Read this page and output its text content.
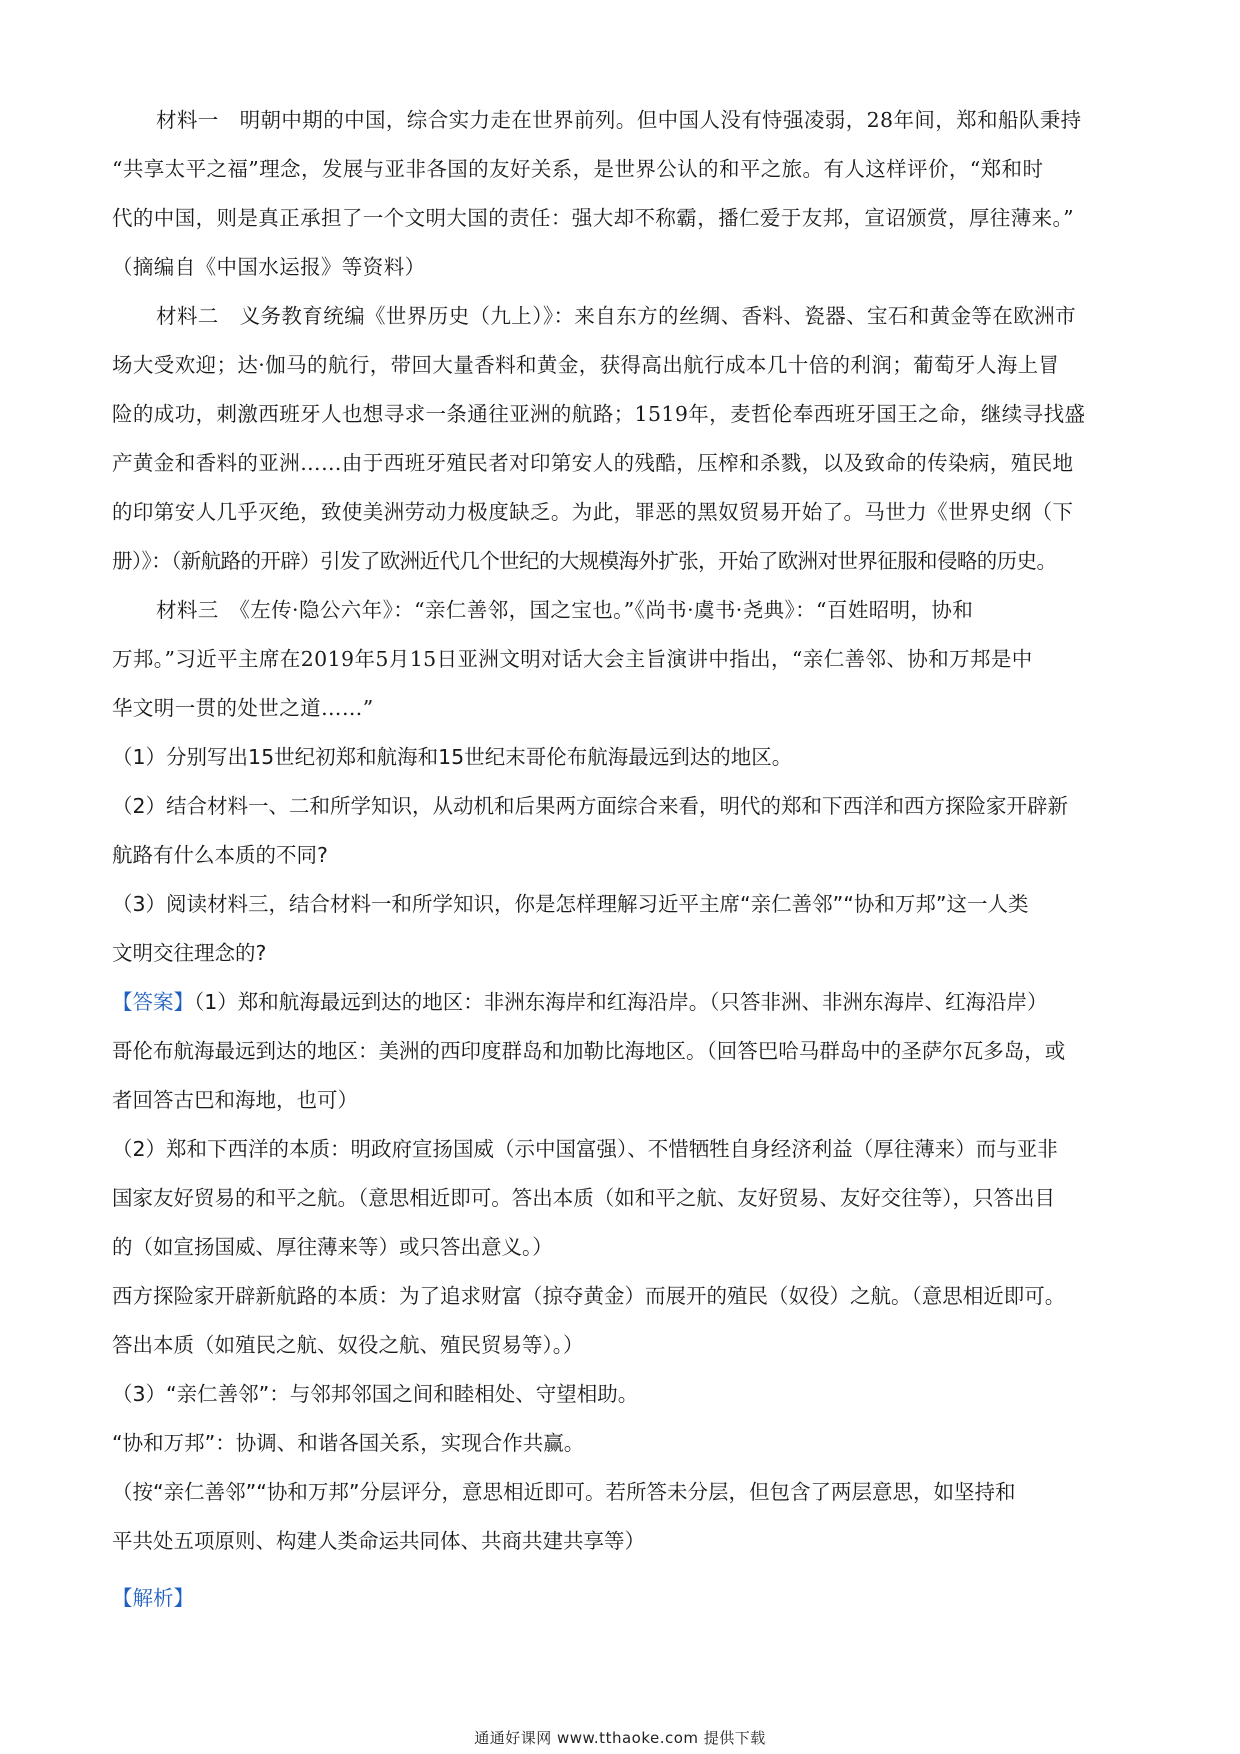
材料一　明朝中期的中国，综合实力走在世界前列。但中国人没有恃强凌弱，28年间，郑和船队秉持
“共享太平之福”理念，发展与亚非各国的友好关系，是世界公认的和平之旅。有人这样评价，“郑和时
代的中国，则是真正承担了一个文明大国的责任：强大却不称霸，播仁爱于友邦，宣诏颁赏，厚往薄来。”
（摘编自《中国水运报》等资料）
材料二　义务教育统编《世界历史（九上）》：来自东方的丝绸、香料、瓷器、宝石和黄金等在欧洲市
场大受欢迎；达·伽马的航行，带回大量香料和黄金，获得高出航行成本几十倍的利润；葡萄牙人海上冒
险的成功，刺激西班牙人也想寻求一条通往亚洲的航路；1519年，麦哲伦奉西班牙国王之命，继续寻找盛
产黄金和香料的亚洲……由于西班牙殖民者对印第安人的残酷，压榨和杀戮，以及致命的传染病，殖民地
的印第安人几乎灭绝，致使美洲劳动力极度缺乏。为此，罪恶的黑奴贸易开始了。马世力《世界史纲（下
册）》：（新航路的开辟）引发了欧洲近代几个世纪的大规模海外扩张，开始了欧洲对世界征服和侵略的历史。
材料三　《左传·隐公六年》：“亲仁善邻，国之宝也。”《尚书·虞书·尧典》：“百姓昭明，协和
万邦。”习近平主席在2019年5月15日亚洲文明对话大会主旨演讲中指出，“亲仁善邻、协和万邦是中
华文明一贯的处世之道……”
（1）分别写出15世纪初郑和航海和15世纪末哥伦布航海最远到达的地区。
（2）结合材料一、二和所学知识，从动机和后果两方面综合来看，明代的郑和下西洋和西方探险家开辟新
航路有什么本质的不同?
（3）阅读材料三，结合材料一和所学知识，你是怎样理解习近平主席“亲仁善邻”“协和万邦”这一人类
文明交往理念的?
【答案】（1）郑和航海最远到达的地区：非洲东海岸和红海沿岸。（只答非洲、非洲东海岸、红海沿岸）
哥伦布航海最远到达的地区：美洲的西印度群岛和加勒比海地区。（回答巴哈马群岛中的圣萨尔瓦多岛，或
者回答古巴和海地，也可）
（2）郑和下西洋的本质：明政府宣扬国威（示中国富强）、不惜牺牲自身经济利益（厚往薄来）而与亚非
国家友好贸易的和平之航。（意思相近即可。答出本质（如和平之航、友好贸易、友好交往等），只答出目
的（如宣扬国威、厚往薄来等）或只答出意义。）
西方探险家开辟新航路的本质：为了追求财富（掠夺黄金）而展开的殖民（奴役）之航。（意思相近即可。
答出本质（如殖民之航、奴役之航、殖民贸易等）。）
（3）“亲仁善邻”：与邻邦邻国之间和睦相处、守望相助。
“协和万邦”：协调、和谐各国关系，实现合作共赢。
（按“亲仁善邻”“协和万邦”分层评分，意思相近即可。若所答未分层，但包含了两层意思，如坚持和
平共处五项原则、构建人类命运共同体、共商共建共享等）
【解析】
通通好课网 www.tthaoke.com 提供下载
